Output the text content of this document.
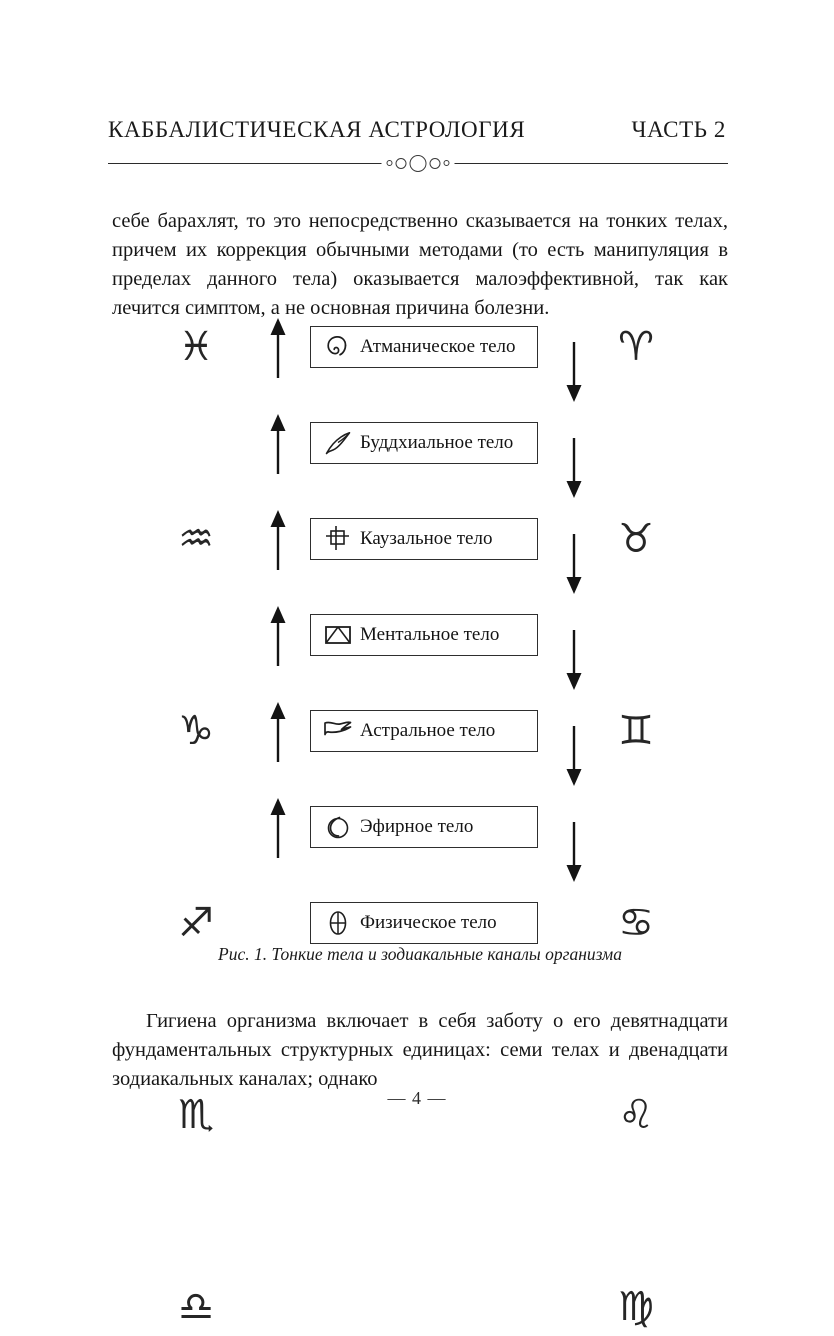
КАББАЛИСТИЧЕСКАЯ АСТРОЛОГИЯ	ЧАСТЬ 2

себе барахлят, то это непосредственно сказывается на тонких телах, причем их коррекция обычными методами (то есть манипуляция в пределах данного тела) оказывается малоэффективной, так как лечится симптом, а не основная причина болезни.

Атманическое тело
♓	♈
Буддхиальное тело
♒	♉
Каузальное тело
♑	♊
Ментальное тело
♐	♋
Астральное тело
♏	♌
Эфирное тело
♎	♍
Физическое тело
Рис. 1. Тонкие тела и зодиакальные каналы организма

Гигиена организма включает в себя заботу о его девятнадцати фундаментальных структурных единицах: семи телах и двенадцати зодиакальных каналах; однако

— 4 —
